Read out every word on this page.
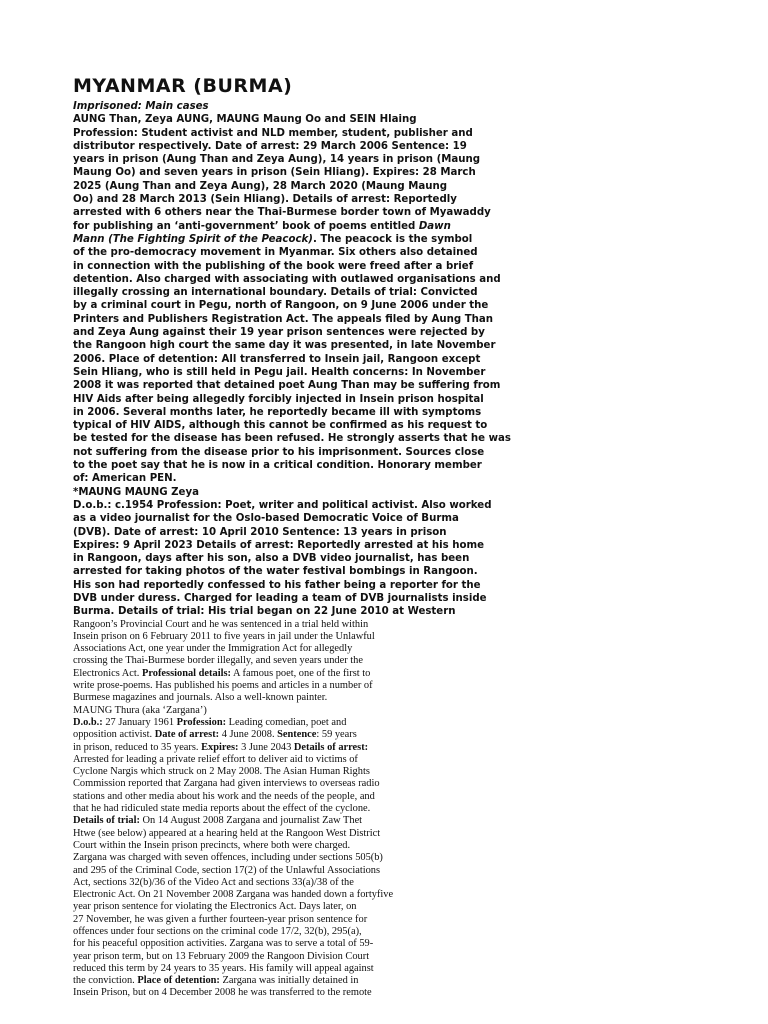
MYANMAR (BURMA)
Imprisoned: Main cases
AUNG Than, Zeya AUNG, MAUNG Maung Oo and SEIN Hlaing
Profession: Student activist and NLD member, student, publisher and
distributor respectively. Date of arrest: 29 March 2006 Sentence: 19
years in prison (Aung Than and Zeya Aung), 14 years in prison (Maung
Maung Oo) and seven years in prison (Sein Hliang). Expires: 28 March
2025 (Aung Than and Zeya Aung), 28 March 2020 (Maung Maung
Oo) and 28 March 2013 (Sein Hliang). Details of arrest: Reportedly
arrested with 6 others near the Thai-Burmese border town of Myawaddy
for publishing an ‘anti-government’ book of poems entitled Dawn
Mann (The Fighting Spirit of the Peacock). The peacock is the symbol
of the pro-democracy movement in Myanmar. Six others also detained
in connection with the publishing of the book were freed after a brief
detention. Also charged with associating with outlawed organisations and
illegally crossing an international boundary. Details of trial: Convicted
by a criminal court in Pegu, north of Rangoon, on 9 June 2006 under the
Printers and Publishers Registration Act. The appeals filed by Aung Than
and Zeya Aung against their 19 year prison sentences were rejected by
the Rangoon high court the same day it was presented, in late November
2006. Place of detention: All transferred to Insein jail, Rangoon except
Sein Hliang, who is still held in Pegu jail. Health concerns: In November
2008 it was reported that detained poet Aung Than may be suffering from
HIV Aids after being allegedly forcibly injected in Insein prison hospital
in 2006. Several months later, he reportedly became ill with symptoms
typical of HIV AIDS, although this cannot be confirmed as his request to
be tested for the disease has been refused. He strongly asserts that he was
not suffering from the disease prior to his imprisonment. Sources close
to the poet say that he is now in a critical condition. Honorary member
of: American PEN.
*MAUNG MAUNG Zeya
D.o.b.: c.1954 Profession: Poet, writer and political activist. Also worked
as a video journalist for the Oslo-based Democratic Voice of Burma
(DVB). Date of arrest: 10 April 2010 Sentence: 13 years in prison
Expires: 9 April 2023 Details of arrest: Reportedly arrested at his home
in Rangoon, days after his son, also a DVB video journalist, has been
arrested for taking photos of the water festival bombings in Rangoon.
His son had reportedly confessed to his father being a reporter for the
DVB under duress. Charged for leading a team of DVB journalists inside
Burma. Details of trial: His trial began on 22 June 2010 at Western
Rangoon’s Provincial Court and he was sentenced in a trial held within
Insein prison on 6 February 2011 to five years in jail under the Unlawful
Associations Act, one year under the Immigration Act for allegedly
crossing the Thai-Burmese border illegally, and seven years under the
Electronics Act. Professional details: A famous poet, one of the first to
write prose-poems. Has published his poems and articles in a number of
Burmese magazines and journals. Also a well-known painter.
MAUNG Thura (aka ‘Zargana’)
D.o.b.: 27 January 1961 Profession: Leading comedian, poet and
opposition activist. Date of arrest: 4 June 2008. Sentence: 59 years
in prison, reduced to 35 years. Expires: 3 June 2043 Details of arrest:
Arrested for leading a private relief effort to deliver aid to victims of
Cyclone Nargis which struck on 2 May 2008. The Asian Human Rights
Commission reported that Zargana had given interviews to overseas radio
stations and other media about his work and the needs of the people, and
that he had ridiculed state media reports about the effect of the cyclone.
Details of trial: On 14 August 2008 Zargana and journalist Zaw Thet
Htwe (see below) appeared at a hearing held at the Rangoon West District
Court within the Insein prison precincts, where both were charged.
Zargana was charged with seven offences, including under sections 505(b)
and 295 of the Criminal Code, section 17(2) of the Unlawful Associations
Act, sections 32(b)/36 of the Video Act and sections 33(a)/38 of the
Electronic Act. On 21 November 2008 Zargana was handed down a fortyfive
year prison sentence for violating the Electronics Act. Days later, on
27 November, he was given a further fourteen-year prison sentence for
offences under four sections on the criminal code 17/2, 32(b), 295(a),
for his peaceful opposition activities. Zargana was to serve a total of 59-
year prison term, but on 13 February 2009 the Rangoon Division Court
reduced this term by 24 years to 35 years. His family will appeal against
the conviction. Place of detention: Zargana was initially detained in
Insein Prison, but on 4 December 2008 he was transferred to the remote
